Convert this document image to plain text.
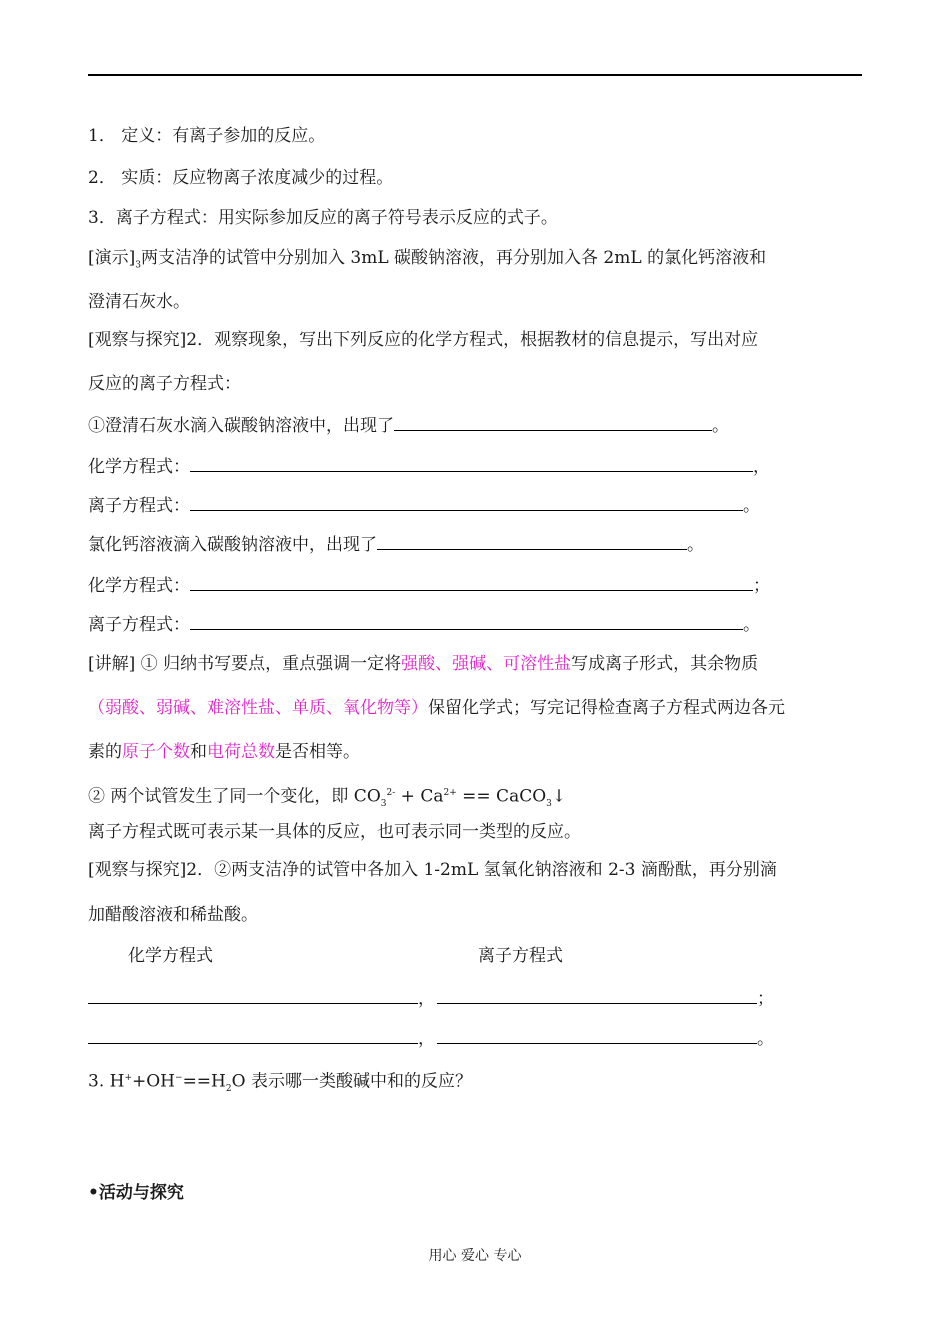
1． 定义：有离子参加的反应。
2． 实质：反应物离子浓度减少的过程。
3．离子方程式：用实际参加反应的离子符号表示反应的式子。
[演示]$_3$两支洁净的试管中分别加入 3mL 碳酸钠溶液，再分别加入各 2mL 的氯化钙溶液和
澄清石灰水。
[观察与探究]2．观察现象，写出下列反应的化学方程式，根据教材的信息提示，写出对应
反应的离子方程式：
①澄清石灰水滴入碳酸钠溶液中，出现了	。
化学方程式：	，
离子方程式：	。
氯化钙溶液滴入碳酸钠溶液中，出现了	。
化学方程式：	；
离子方程式：	。
[讲解] ① 归纳书写要点，重点强调一定将强酸、强碱、可溶性盐写成离子形式，其余物质
（弱酸、弱碱、难溶性盐、单质、氧化物等）保留化学式；写完记得检查离子方程式两边各元
素的原子个数和电荷总数是否相等。
② 两个试管发生了同一个变化，即 $CO_3^{2-} + Ca^{2+}$ == CaCO$_3$↓
离子方程式既可表示某一具体的反应，也可表示同一类型的反应。
[观察与探究]2．②两支洁净的试管中各加入 1-2mL 氢氧化钠溶液和 2-3 滴酚酞，再分别滴
加醋酸溶液和稀盐酸。
化学方程式	离子方程式
，	；
，	。
3. $H^++OH^-==H_2O$ 表示哪一类酸碱中和的反应？
•活动与探究
用心 爱心 专心
